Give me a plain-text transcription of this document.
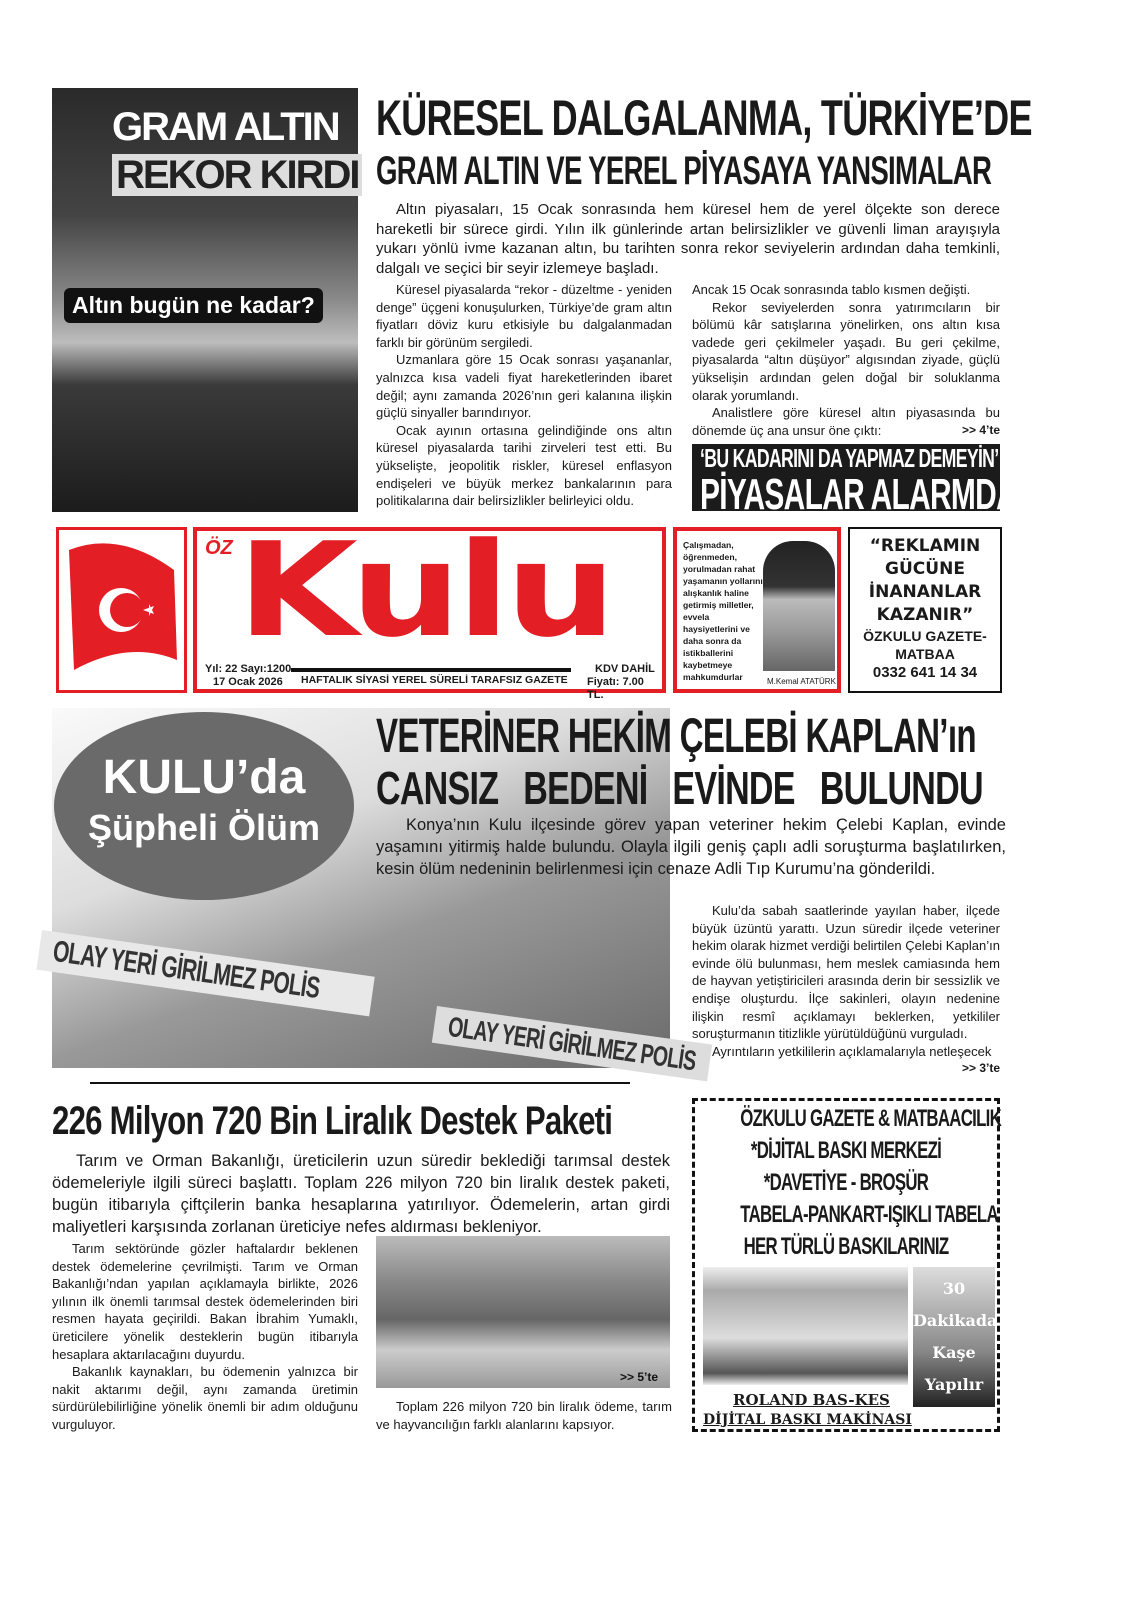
GRAM ALTIN
REKOR KIRDI
Altın bugün ne kadar?
KÜRESEL DALGALANMA, TÜRKİYE’DE
GRAM ALTIN VE YEREL PİYASAYA YANSIMALAR
Altın piyasaları, 15 Ocak sonrasında hem küresel hem de yerel ölçekte son derece hareketli bir sürece girdi. Yılın ilk günlerinde artan belirsizlikler ve güvenli liman arayışıyla yukarı yönlü ivme kazanan altın, bu tarihten sonra rekor seviyelerin ardından daha temkinli, dalgalı ve seçici bir seyir izlemeye başladı.
Küresel piyasalarda “rekor - düzeltme - yeniden denge” üçgeni konuşulurken, Türkiye’de gram altın fiyatları döviz kuru etkisiyle bu dalgalanmadan farklı bir görünüm sergiledi.
Uzmanlara göre 15 Ocak sonrası yaşananlar, yalnızca kısa vadeli fiyat hareketlerinden ibaret değil; aynı zamanda 2026’nın geri kalanına ilişkin güçlü sinyaller barındırıyor.
Ocak ayının ortasına gelindiğinde ons altın küresel piyasalarda tarihi zirveleri test etti. Bu yükselişte, jeopolitik riskler, küresel enflasyon endişeleri ve büyük merkez bankalarının para politikalarına dair belirsizlikler belirleyici oldu.
Ancak 15 Ocak sonrasında tablo kısmen değişti.
Rekor seviyelerden sonra yatırımcıların bir bölümü kâr satışlarına yönelirken, ons altın kısa vadede geri çekilmeler yaşadı. Bu geri çekilme, piyasalarda “altın düşüyor” algısından ziyade, güçlü yükselişin ardından gelen doğal bir soluklanma olarak yorumlandı.
Analistlere göre küresel altın piyasasında bu dönemde üç ana unsur öne çıktı:	>> 4’te
‘BU KADARINI DA YAPMAZ DEMEYİN’
PİYASALAR ALARMDA
ÖZ Kulu
Yıl: 22 Sayı:1200
17 Ocak 2026 HAFTALIK SİYASİ YEREL SÜRELİ TARAFSIZ GAZETE
KDV DAHİL
Fiyatı: 7.00 TL.
Çalışmadan, öğrenmeden, yorulmadan rahat yaşamanın yollarını alışkanlık haline getirmiş milletler, evvela haysiyetlerini ve daha sonra da istikballerini kaybetmeye mahkumdurlar	M.Kemal ATATÜRK
“REKLAMIN GÜCÜNE İNANANLAR KAZANIR”
ÖZKULU GAZETE- MATBAA
0332 641 14 34
KULU’da
Şüpheli Ölüm
OLAY YERİ GİRİLMEZ POLİS
OLAY YERİ GİRİLMEZ POLİS
VETERİNER HEKİM ÇELEBİ KAPLAN’ın
CANSIZ BEDENİ EVİNDE BULUNDU
Konya’nın Kulu ilçesinde görev yapan veteriner hekim Çelebi Kaplan, evinde yaşamını yitirmiş halde bulundu. Olayla ilgili geniş çaplı adli soruşturma başlatılırken, kesin ölüm nedeninin belirlenmesi için cenaze Adli Tıp Kurumu’na gönderildi.
Kulu’da sabah saatlerinde yayılan haber, ilçede büyük üzüntü yarattı. Uzun süredir ilçede veteriner hekim olarak hizmet verdiği belirtilen Çelebi Kaplan’ın evinde ölü bulunması, hem meslek camiasında hem de hayvan yetiştiricileri arasında derin bir sessizlik ve endişe oluşturdu. İlçe sakinleri, olayın nedenine ilişkin resmî açıklamayı beklerken, yetkililer soruşturmanın titizlikle yürütüldüğünü vurguladı.
Ayrıntıların yetkililerin açıklamalarıyla netleşecek
>> 3’te
226 Milyon 720 Bin Liralık Destek Paketi
Tarım ve Orman Bakanlığı, üreticilerin uzun süredir beklediği tarımsal destek ödemeleriyle ilgili süreci başlattı. Toplam 226 milyon 720 bin liralık destek paketi, bugün itibarıyla çiftçilerin banka hesaplarına yatırılıyor. Ödemelerin, artan girdi maliyetleri karşısında zorlanan üreticiye nefes aldırması bekleniyor.
Tarım sektöründe gözler haftalardır beklenen destek ödemelerine çevrilmişti. Tarım ve Orman Bakanlığı’ndan yapılan açıklamayla birlikte, 2026 yılının ilk önemli tarımsal destek ödemelerinden biri resmen hayata geçirildi. Bakan İbrahim Yumaklı, üreticilere yönelik desteklerin bugün itibarıyla hesaplara aktarılacağını duyurdu.
Bakanlık kaynakları, bu ödemenin yalnızca bir nakit aktarımı değil, aynı zamanda üretimin sürdürülebilirliğine yönelik önemli bir adım olduğunu vurguluyor.
>> 5’te
Toplam 226 milyon 720 bin liralık ödeme, tarım ve hayvancılığın farklı alanlarını kapsıyor.
ÖZKULU GAZETE & MATBAACILIK
*DİJİTAL BASKI MERKEZİ
*DAVETİYE - BROŞÜR
TABELA-PANKART-IŞIKLI TABELA
HER TÜRLÜ BASKILARINIZ
30
Dakikada
Kaşe
Yapılır
ROLAND BAS-KES
DİJİTAL BASKI MAKİNASI
